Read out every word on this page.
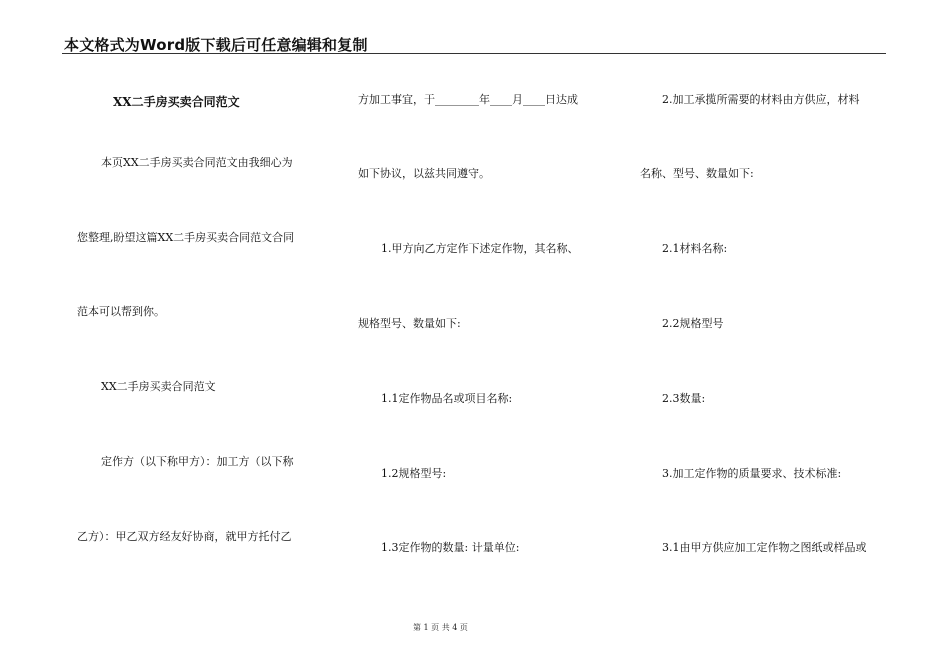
本文格式为Word版下载后可任意编辑和复制
XX二手房买卖合同范文
本页XX二手房买卖合同范文由我细心为
您整理,盼望这篇XX二手房买卖合同范文合同
范本可以帮到你。
XX二手房买卖合同范文
定作方（以下称甲方）：加工方（以下称
乙方）：甲乙双方经友好协商，就甲方托付乙
方加工事宜，于________年____月____日达成
如下协议，以兹共同遵守。
1.甲方向乙方定作下述定作物，其名称、
规格型号、数量如下:
1.1定作物品名或项目名称:
1.2规格型号:
1.3定作物的数量: 计量单位:
2.加工承揽所需要的材料由方供应，材料
名称、型号、数量如下:
2.1材料名称:
2.2规格型号
2.3数量:
3.加工定作物的质量要求、技术标准:
3.1由甲方供应加工定作物之图纸或样品或
第 1 页 共 4 页
